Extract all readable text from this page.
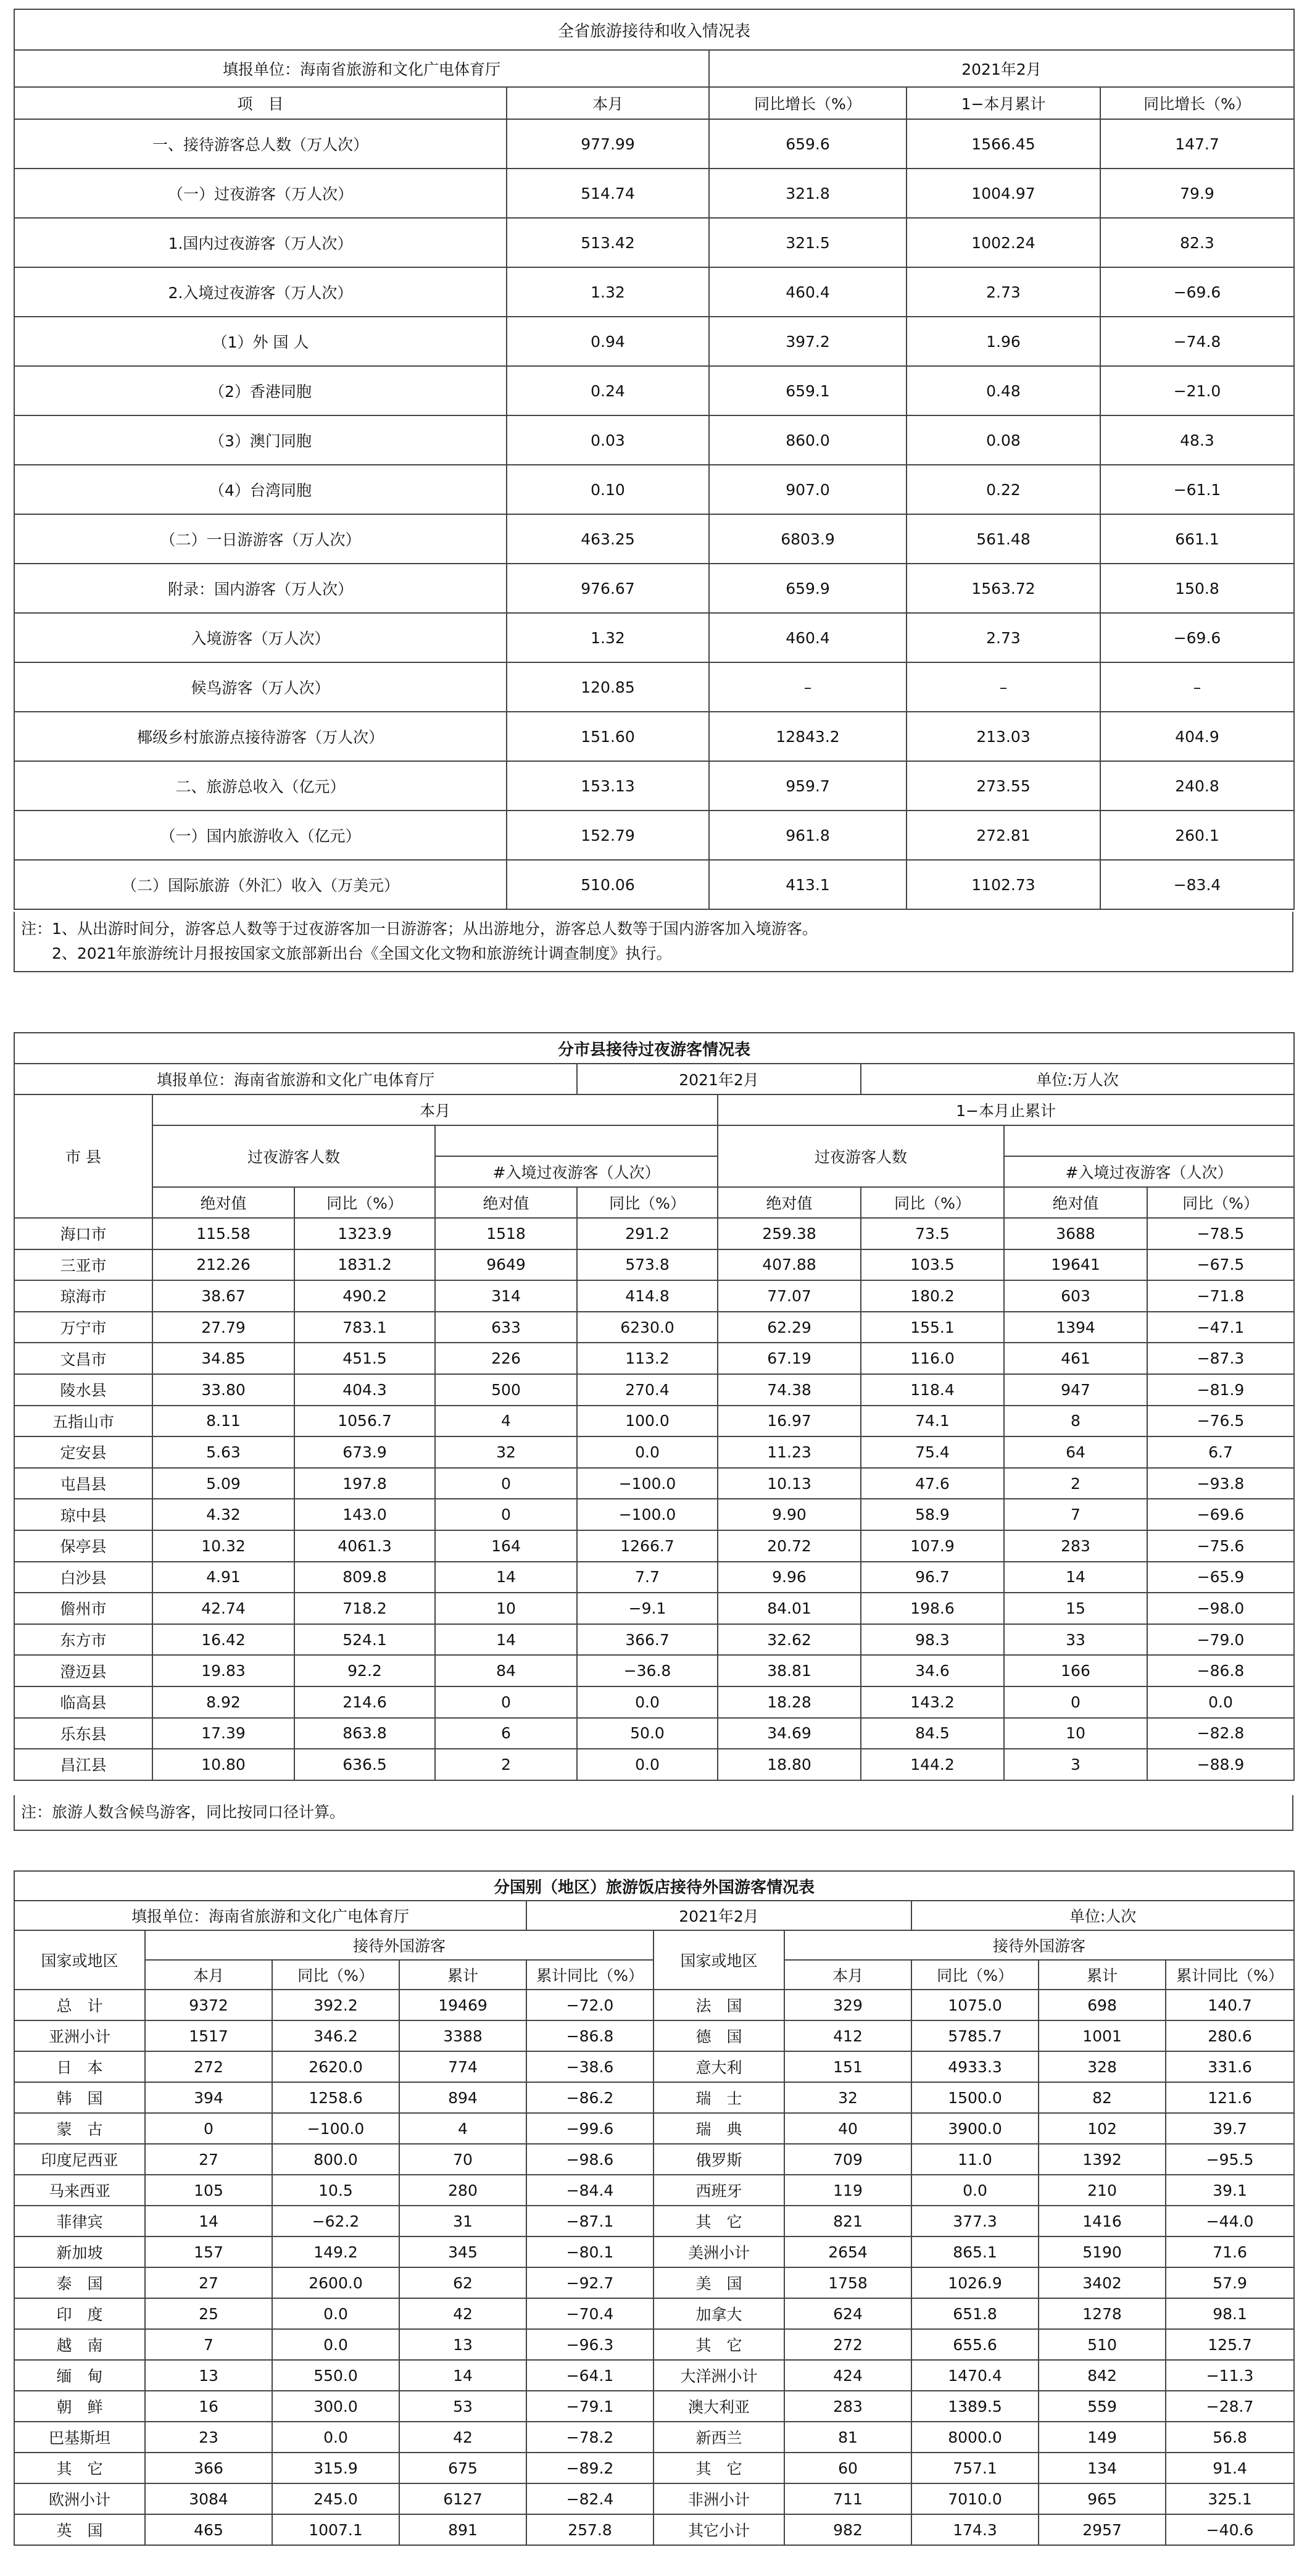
全省旅游接待和收入情况表				
填报单位：海南省旅游和文化广电体育厅		2021年2月		
项　目	本月	同比增长（%）	1−本月累计	同比增长（%）
一、接待游客总人数（万人次）	977.99	659.6	1566.45	147.7
（一）过夜游客（万人次）	514.74	321.8	1004.97	79.9
1.国内过夜游客（万人次）	513.42	321.5	1002.24	82.3
2.入境过夜游客（万人次）	1.32	460.4	2.73	−69.6
（1）外 国 人	0.94	397.2	1.96	−74.8
（2）香港同胞	0.24	659.1	0.48	−21.0
（3）澳门同胞	0.03	860.0	0.08	48.3
（4）台湾同胞	0.10	907.0	0.22	−61.1
（二）一日游游客（万人次）	463.25	6803.9	561.48	661.1
附录：国内游客（万人次）	976.67	659.9	1563.72	150.8
入境游客（万人次）	1.32	460.4	2.73	−69.6
候鸟游客（万人次）	120.85	–	–	–
椰级乡村旅游点接待游客（万人次）	151.60	12843.2	213.03	404.9
二、旅游总收入（亿元）	153.13	959.7	273.55	240.8
（一）国内旅游收入（亿元）	152.79	961.8	272.81	260.1
（二）国际旅游（外汇）收入（万美元）	510.06	413.1	1102.73	−83.4
注：1、从出游时间分，游客总人数等于过夜游客加一日游游客；从出游地分，游客总人数等于国内游客加入境游客。
　　2、2021年旅游统计月报按国家文旅部新出台《全国文化文物和旅游统计调查制度》执行。
分市县接待过夜游客情况表								
填报单位：海南省旅游和文化广电体育厅				2021年2月		单位:万人次		
市 县	本月				1−本月止累计			
	过夜游客人数				过夜游客人数			
			#入境过夜游客（人次）				#入境过夜游客（人次）	
	绝对值	同比（%）	绝对值	同比（%）	绝对值	同比（%）	绝对值	同比（%）
海口市	115.58	1323.9	1518	291.2	259.38	73.5	3688	−78.5
三亚市	212.26	1831.2	9649	573.8	407.88	103.5	19641	−67.5
琼海市	38.67	490.2	314	414.8	77.07	180.2	603	−71.8
万宁市	27.79	783.1	633	6230.0	62.29	155.1	1394	−47.1
文昌市	34.85	451.5	226	113.2	67.19	116.0	461	−87.3
陵水县	33.80	404.3	500	270.4	74.38	118.4	947	−81.9
五指山市	8.11	1056.7	4	100.0	16.97	74.1	8	−76.5
定安县	5.63	673.9	32	0.0	11.23	75.4	64	6.7
屯昌县	5.09	197.8	0	−100.0	10.13	47.6	2	−93.8
琼中县	4.32	143.0	0	−100.0	9.90	58.9	7	−69.6
保亭县	10.32	4061.3	164	1266.7	20.72	107.9	283	−75.6
白沙县	4.91	809.8	14	7.7	9.96	96.7	14	−65.9
儋州市	42.74	718.2	10	−9.1	84.01	198.6	15	−98.0
东方市	16.42	524.1	14	366.7	32.62	98.3	33	−79.0
澄迈县	19.83	92.2	84	−36.8	38.81	34.6	166	−86.8
临高县	8.92	214.6	0	0.0	18.28	143.2	0	0.0
乐东县	17.39	863.8	6	50.0	34.69	84.5	10	−82.8
昌江县	10.80	636.5	2	0.0	18.80	144.2	3	−88.9
注：旅游人数含候鸟游客，同比按同口径计算。
分国别（地区）旅游饭店接待外国游客情况表									
填报单位：海南省旅游和文化广电体育厅				2021年2月			单位:人次		
国家或地区	接待外国游客				国家或地区	接待外国游客			
	本月	同比（%）	累计	累计同比（%）		本月	同比（%）	累计	累计同比（%）
总　计	9372	392.2	19469	−72.0	法　国	329	1075.0	698	140.7
亚洲小计	1517	346.2	3388	−86.8	德　国	412	5785.7	1001	280.6
日　本	272	2620.0	774	−38.6	意大利	151	4933.3	328	331.6
韩　国	394	1258.6	894	−86.2	瑞　士	32	1500.0	82	121.6
蒙　古	0	−100.0	4	−99.6	瑞　典	40	3900.0	102	39.7
印度尼西亚	27	800.0	70	−98.6	俄罗斯	709	11.0	1392	−95.5
马来西亚	105	10.5	280	−84.4	西班牙	119	0.0	210	39.1
菲律宾	14	−62.2	31	−87.1	其　它	821	377.3	1416	−44.0
新加坡	157	149.2	345	−80.1	美洲小计	2654	865.1	5190	71.6
泰　国	27	2600.0	62	−92.7	美　国	1758	1026.9	3402	57.9
印　度	25	0.0	42	−70.4	加拿大	624	651.8	1278	98.1
越　南	7	0.0	13	−96.3	其　它	272	655.6	510	125.7
缅　甸	13	550.0	14	−64.1	大洋洲小计	424	1470.4	842	−11.3
朝　鲜	16	300.0	53	−79.1	澳大利亚	283	1389.5	559	−28.7
巴基斯坦	23	0.0	42	−78.2	新西兰	81	8000.0	149	56.8
其　它	366	315.9	675	−89.2	其　它	60	757.1	134	91.4
欧洲小计	3084	245.0	6127	−82.4	非洲小计	711	7010.0	965	325.1
英　国	465	1007.1	891	257.8	其它小计	982	174.3	2957	−40.6
